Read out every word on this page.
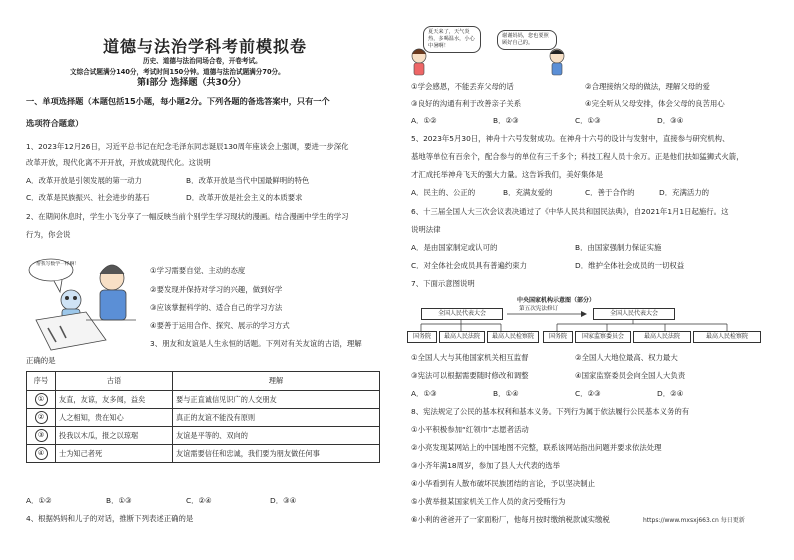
道德与法治学科考前模拟卷
历史、道德与法治同场合卷，开卷考试。
文综合试题满分140分，考试时间150分钟。道德与法治试题满分70分。
第Ⅰ部分 选择题（共30分）
一、单项选择题（本题包括15小题，每小题2分。下列各题的备选答案中，只有一个
选项符合题意）
1、2023年12月26日，习近平总书记在纪念毛泽东同志诞辰130周年座谈会上强调，要进一步深化
改革开放，现代化离不开开放，开放成就现代化。这说明
A．改革开放是引领发展的第一动力	B．改革开放是当代中国最鲜明的特色
C．改革是民族振兴、社会进步的基石	D．改革开放是社会主义的本质要求
2、在期间休息时，学生小飞分享了一幅反映当前个别学生学习现状的漫画。结合漫画中学生的学习
行为，你会说
帮我写数学一样啊！
①学习需要自觉、主动的态度
②要发现并保持对学习的兴趣，做到好学
③应该掌握科学的、适合自己的学习方法
④要善于运用合作、探究、展示的学习方式
3、朋友和友谊是人生永恒的话题。下列对有关友谊的古语，理解
正确的是
序号	古语	理解
①	友直，友谅，友多闻，益矣	要与正直诚信见识广的人交朋友
②	人之相知，贵在知心	真正的友谊不能没有原则
③	投我以木瓜，报之以琼琚	友谊是平等的、双向的
④	士为知己者死	友谊需要信任和忠诚，我们要为朋友做任何事
A．①②	B．①③	C．②④	D．③④
4、根据妈妈和儿子的对话，推断下列表述正确的是
夏天来了，天气炎热，多喝温水，小心中暑啊！
谢谢妈妈，您也要照顾好自己的。
①学会感恩，不能丢弃父母的话	②合理接纳父母的做法，理解父母的爱
③良好的沟通有利于改善亲子关系	④完全听从父母安排，体会父母的良苦用心
A．①②	B．②③	C．①③	D．③④
5、2023年5月30日，神舟十六号发射成功。在神舟十六号的设计与发射中，直接参与研究机构、
基地等单位有百余个，配合参与的单位有三千多个；科技工程人员十余万。正是他们扶如猛狮式火箭，
才汇成托举神舟飞天的强大力量。这告诉我们，美好集体是
A．民主的、公正的	B．充满友爱的	C．善于合作的	D．充满活力的
6、十三届全国人大三次会议表决通过了《中华人民共和国民法典》，自2021年1月1日起施行。这
说明法律
A．是由国家制定或认可的	B．由国家强制力保证实施
C．对全体社会成员具有普遍约束力	D．维护全体社会成员的一切权益
7、下面示意图说明
中央国家机构示意图（部分）
全国人民代表大会	全国人民代表大会
第五次宪法修订
国务院	最高人民法院	最高人民检察院	国务院	国家监察委员会	最高人民法院	最高人民检察院
①全国人大与其他国家机关相互监督	②全国人大地位最高、权力最大
③宪法可以根据需要随时修改和调整	④国家监察委员会向全国人大负责
A．①③	B．①④	C．②③	D．②④
8、宪法规定了公民的基本权利和基本义务。下列行为属于依法履行公民基本义务的有
①小平积极参加“红领巾”志愿者活动
②小亮发现某网站上的中国地图不完整，联系该网站指出问题并要求依法处理
③小齐年满18周岁，参加了县人大代表的选举
④小华看到有人散布破坏民族团结的言论，予以坚决制止
⑤小黄举报某国家机关工作人员的贪污受贿行为
⑥小利的爸爸开了一家面粉厂，他每月按时缴纳税款诚实缴税	https://www.mxsxj663.cn 每日更新
